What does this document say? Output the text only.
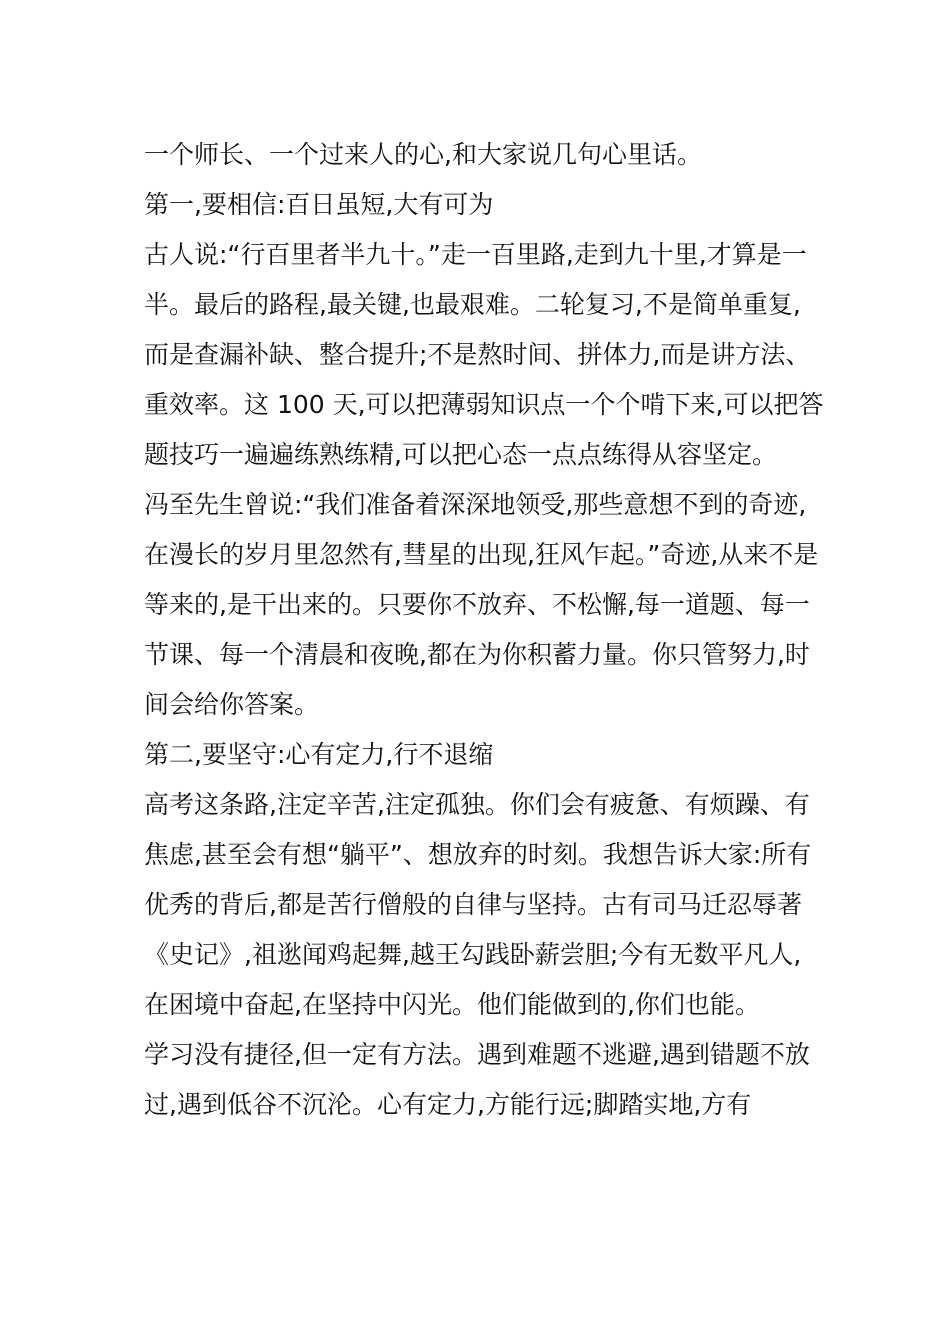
一个师长、一个过来人的心,和大家说几句心里话。

第一,要相信:百日虽短,大有可为

古人说:“行百里者半九十。”走一百里路,走到九十里,才算是一半。最后的路程,最关键,也最艰难。二轮复习,不是简单重复,而是查漏补缺、整合提升;不是熬时间、拼体力,而是讲方法、重效率。这 100 天,可以把薄弱知识点一个个啃下来,可以把答题技巧一遍遍练熟练精,可以把心态一点点练得从容坚定。

冯至先生曾说:“我们准备着深深地领受,那些意想不到的奇迹,在漫长的岁月里忽然有,彗星的出现,狂风乍起。”奇迹,从来不是等来的,是干出来的。只要你不放弃、不松懈,每一道题、每一节课、每一个清晨和夜晚,都在为你积蓄力量。你只管努力,时间会给你答案。

第二,要坚守:心有定力,行不退缩

高考这条路,注定辛苦,注定孤独。你们会有疲惫、有烦躁、有焦虑,甚至会有想“躺平”、想放弃的时刻。我想告诉大家:所有优秀的背后,都是苦行僧般的自律与坚持。古有司马迁忍辱著《史记》,祖逖闻鸡起舞,越王勾践卧薪尝胆;今有无数平凡人,在困境中奋起,在坚持中闪光。他们能做到的,你们也能。

学习没有捷径,但一定有方法。遇到难题不逃避,遇到错题不放过,遇到低谷不沉沦。心有定力,方能行远;脚踏实地,方有
